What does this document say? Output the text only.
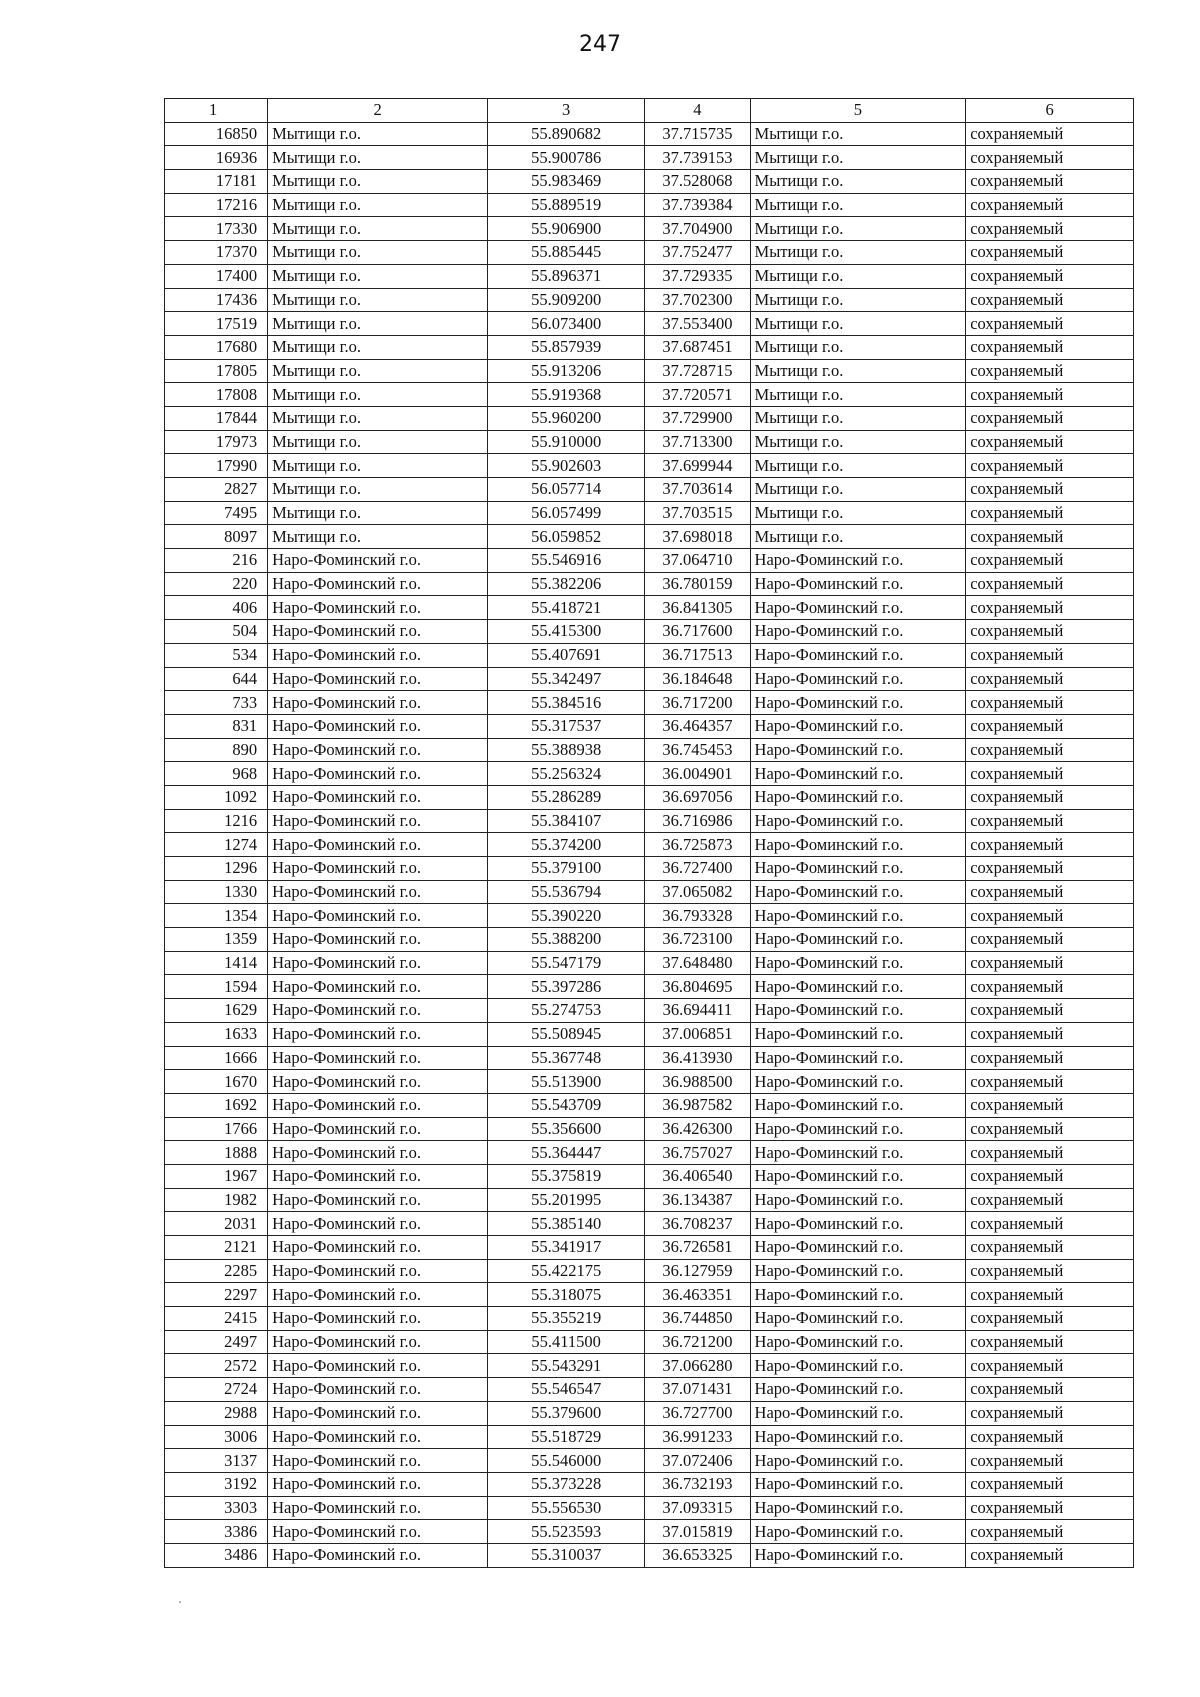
247
1	2	3	4	5	6
16850	Мытищи г.о.	55.890682	37.715735	Мытищи г.о.	сохраняемый
16936	Мытищи г.о.	55.900786	37.739153	Мытищи г.о.	сохраняемый
17181	Мытищи г.о.	55.983469	37.528068	Мытищи г.о.	сохраняемый
17216	Мытищи г.о.	55.889519	37.739384	Мытищи г.о.	сохраняемый
17330	Мытищи г.о.	55.906900	37.704900	Мытищи г.о.	сохраняемый
17370	Мытищи г.о.	55.885445	37.752477	Мытищи г.о.	сохраняемый
17400	Мытищи г.о.	55.896371	37.729335	Мытищи г.о.	сохраняемый
17436	Мытищи г.о.	55.909200	37.702300	Мытищи г.о.	сохраняемый
17519	Мытищи г.о.	56.073400	37.553400	Мытищи г.о.	сохраняемый
17680	Мытищи г.о.	55.857939	37.687451	Мытищи г.о.	сохраняемый
17805	Мытищи г.о.	55.913206	37.728715	Мытищи г.о.	сохраняемый
17808	Мытищи г.о.	55.919368	37.720571	Мытищи г.о.	сохраняемый
17844	Мытищи г.о.	55.960200	37.729900	Мытищи г.о.	сохраняемый
17973	Мытищи г.о.	55.910000	37.713300	Мытищи г.о.	сохраняемый
17990	Мытищи г.о.	55.902603	37.699944	Мытищи г.о.	сохраняемый
2827	Мытищи г.о.	56.057714	37.703614	Мытищи г.о.	сохраняемый
7495	Мытищи г.о.	56.057499	37.703515	Мытищи г.о.	сохраняемый
8097	Мытищи г.о.	56.059852	37.698018	Мытищи г.о.	сохраняемый
216	Наро-Фоминский г.о.	55.546916	37.064710	Наро-Фоминский г.о.	сохраняемый
220	Наро-Фоминский г.о.	55.382206	36.780159	Наро-Фоминский г.о.	сохраняемый
406	Наро-Фоминский г.о.	55.418721	36.841305	Наро-Фоминский г.о.	сохраняемый
504	Наро-Фоминский г.о.	55.415300	36.717600	Наро-Фоминский г.о.	сохраняемый
534	Наро-Фоминский г.о.	55.407691	36.717513	Наро-Фоминский г.о.	сохраняемый
644	Наро-Фоминский г.о.	55.342497	36.184648	Наро-Фоминский г.о.	сохраняемый
733	Наро-Фоминский г.о.	55.384516	36.717200	Наро-Фоминский г.о.	сохраняемый
831	Наро-Фоминский г.о.	55.317537	36.464357	Наро-Фоминский г.о.	сохраняемый
890	Наро-Фоминский г.о.	55.388938	36.745453	Наро-Фоминский г.о.	сохраняемый
968	Наро-Фоминский г.о.	55.256324	36.004901	Наро-Фоминский г.о.	сохраняемый
1092	Наро-Фоминский г.о.	55.286289	36.697056	Наро-Фоминский г.о.	сохраняемый
1216	Наро-Фоминский г.о.	55.384107	36.716986	Наро-Фоминский г.о.	сохраняемый
1274	Наро-Фоминский г.о.	55.374200	36.725873	Наро-Фоминский г.о.	сохраняемый
1296	Наро-Фоминский г.о.	55.379100	36.727400	Наро-Фоминский г.о.	сохраняемый
1330	Наро-Фоминский г.о.	55.536794	37.065082	Наро-Фоминский г.о.	сохраняемый
1354	Наро-Фоминский г.о.	55.390220	36.793328	Наро-Фоминский г.о.	сохраняемый
1359	Наро-Фоминский г.о.	55.388200	36.723100	Наро-Фоминский г.о.	сохраняемый
1414	Наро-Фоминский г.о.	55.547179	37.648480	Наро-Фоминский г.о.	сохраняемый
1594	Наро-Фоминский г.о.	55.397286	36.804695	Наро-Фоминский г.о.	сохраняемый
1629	Наро-Фоминский г.о.	55.274753	36.694411	Наро-Фоминский г.о.	сохраняемый
1633	Наро-Фоминский г.о.	55.508945	37.006851	Наро-Фоминский г.о.	сохраняемый
1666	Наро-Фоминский г.о.	55.367748	36.413930	Наро-Фоминский г.о.	сохраняемый
1670	Наро-Фоминский г.о.	55.513900	36.988500	Наро-Фоминский г.о.	сохраняемый
1692	Наро-Фоминский г.о.	55.543709	36.987582	Наро-Фоминский г.о.	сохраняемый
1766	Наро-Фоминский г.о.	55.356600	36.426300	Наро-Фоминский г.о.	сохраняемый
1888	Наро-Фоминский г.о.	55.364447	36.757027	Наро-Фоминский г.о.	сохраняемый
1967	Наро-Фоминский г.о.	55.375819	36.406540	Наро-Фоминский г.о.	сохраняемый
1982	Наро-Фоминский г.о.	55.201995	36.134387	Наро-Фоминский г.о.	сохраняемый
2031	Наро-Фоминский г.о.	55.385140	36.708237	Наро-Фоминский г.о.	сохраняемый
2121	Наро-Фоминский г.о.	55.341917	36.726581	Наро-Фоминский г.о.	сохраняемый
2285	Наро-Фоминский г.о.	55.422175	36.127959	Наро-Фоминский г.о.	сохраняемый
2297	Наро-Фоминский г.о.	55.318075	36.463351	Наро-Фоминский г.о.	сохраняемый
2415	Наро-Фоминский г.о.	55.355219	36.744850	Наро-Фоминский г.о.	сохраняемый
2497	Наро-Фоминский г.о.	55.411500	36.721200	Наро-Фоминский г.о.	сохраняемый
2572	Наро-Фоминский г.о.	55.543291	37.066280	Наро-Фоминский г.о.	сохраняемый
2724	Наро-Фоминский г.о.	55.546547	37.071431	Наро-Фоминский г.о.	сохраняемый
2988	Наро-Фоминский г.о.	55.379600	36.727700	Наро-Фоминский г.о.	сохраняемый
3006	Наро-Фоминский г.о.	55.518729	36.991233	Наро-Фоминский г.о.	сохраняемый
3137	Наро-Фоминский г.о.	55.546000	37.072406	Наро-Фоминский г.о.	сохраняемый
3192	Наро-Фоминский г.о.	55.373228	36.732193	Наро-Фоминский г.о.	сохраняемый
3303	Наро-Фоминский г.о.	55.556530	37.093315	Наро-Фоминский г.о.	сохраняемый
3386	Наро-Фоминский г.о.	55.523593	37.015819	Наро-Фоминский г.о.	сохраняемый
3486	Наро-Фоминский г.о.	55.310037	36.653325	Наро-Фоминский г.о.	сохраняемый
